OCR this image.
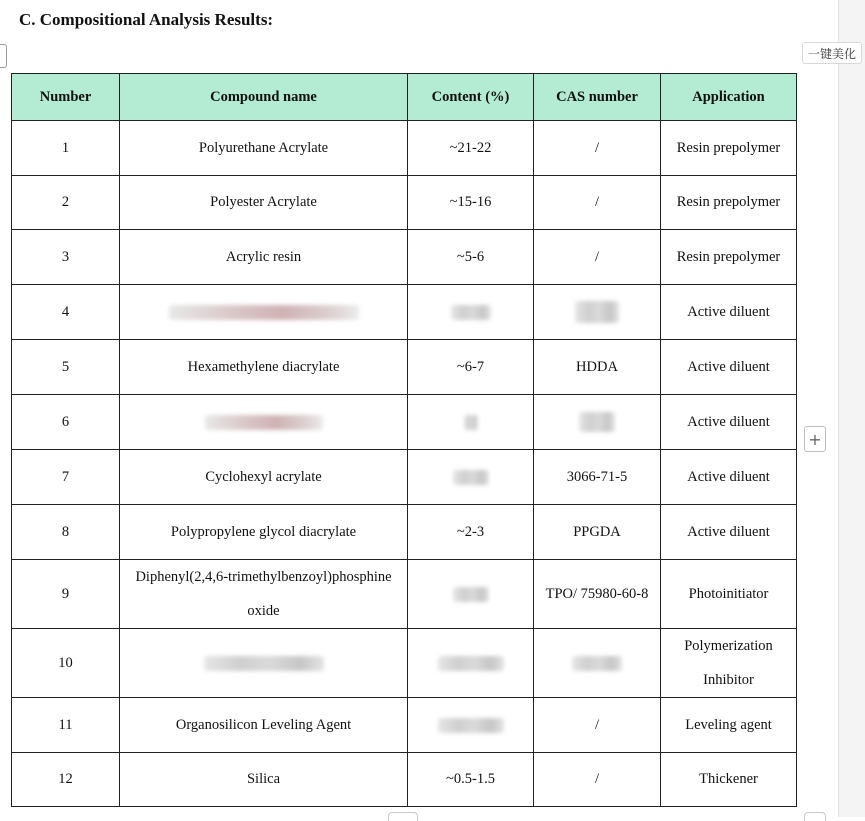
C. Compositional Analysis Results:
Number	Compound name	Content (%)	CAS number	Application
1	Polyurethane Acrylate	~21-22	/	Resin prepolymer
2	Polyester Acrylate	~15-16	/	Resin prepolymer
3	Acrylic resin	~5-6	/	Resin prepolymer
4				Active diluent
5	Hexamethylene diacrylate	~6-7	HDDA	Active diluent
6				Active diluent
7	Cyclohexyl acrylate		3066-71-5	Active diluent
8	Polypropylene glycol diacrylate	~2-3	PPGDA	Active diluent
9	Diphenyl(2,4,6-trimethylbenzoyl)phosphine oxide		TPO/ 75980-60-8	Photoinitiator
10				Polymerization Inhibitor
11	Organosilicon Leveling Agent		/	Leveling agent
12	Silica	~0.5-1.5	/	Thickener
一键美化
+
